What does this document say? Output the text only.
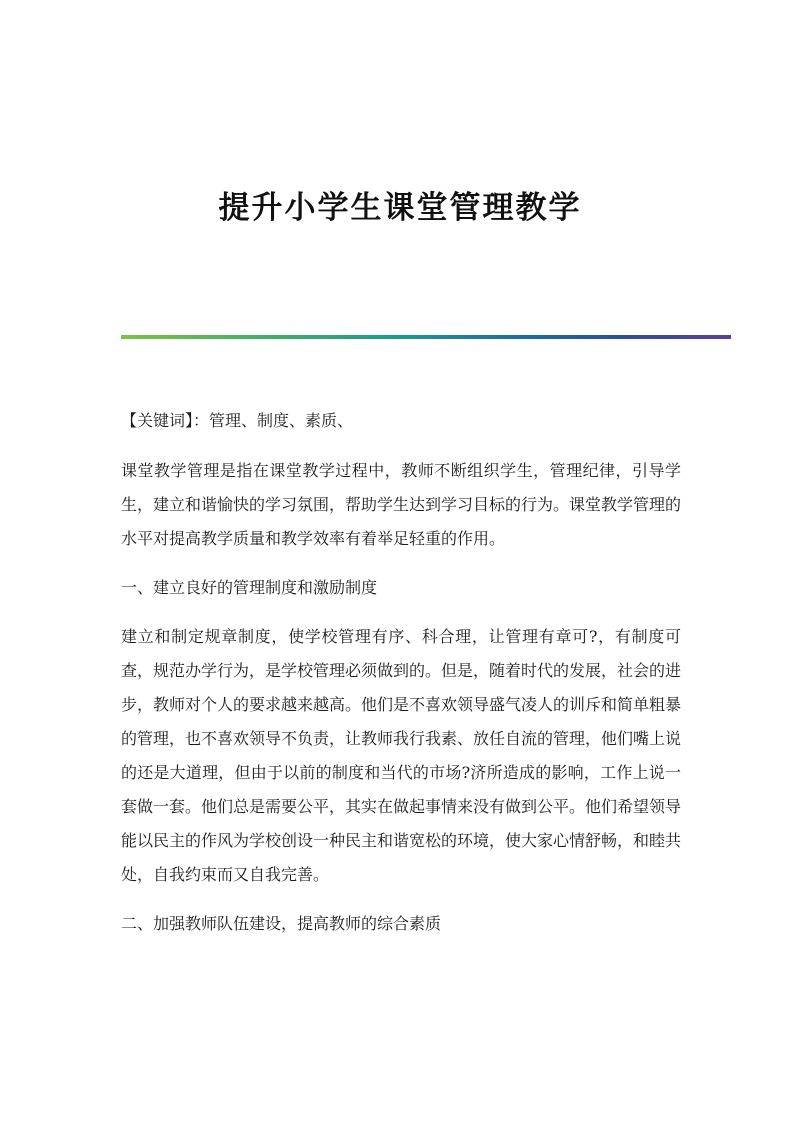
提升小学生课堂管理教学

【关键词】：管理、制度、素质、

课堂教学管理是指在课堂教学过程中，教师不断组织学生，管理纪律，引导学生，建立和谐愉快的学习氛围，帮助学生达到学习目标的行为。课堂教学管理的水平对提高教学质量和教学效率有着举足轻重的作用。

一、建立良好的管理制度和激励制度

建立和制定规章制度，使学校管理有序、科合理，让管理有章可?，有制度可查，规范办学行为，是学校管理必须做到的。但是，随着时代的发展，社会的进步，教师对个人的要求越来越高。他们是不喜欢领导盛气凌人的训斥和简单粗暴的管理，也不喜欢领导不负责，让教师我行我素、放任自流的管理，他们嘴上说的还是大道理，但由于以前的制度和当代的市场?济所造成的影响，工作上说一套做一套。他们总是需要公平，其实在做起事情来没有做到公平。他们希望领导能以民主的作风为学校创设一种民主和谐宽松的环境，使大家心情舒畅，和睦共处，自我约束而又自我完善。

二、加强教师队伍建设，提高教师的综合素质
